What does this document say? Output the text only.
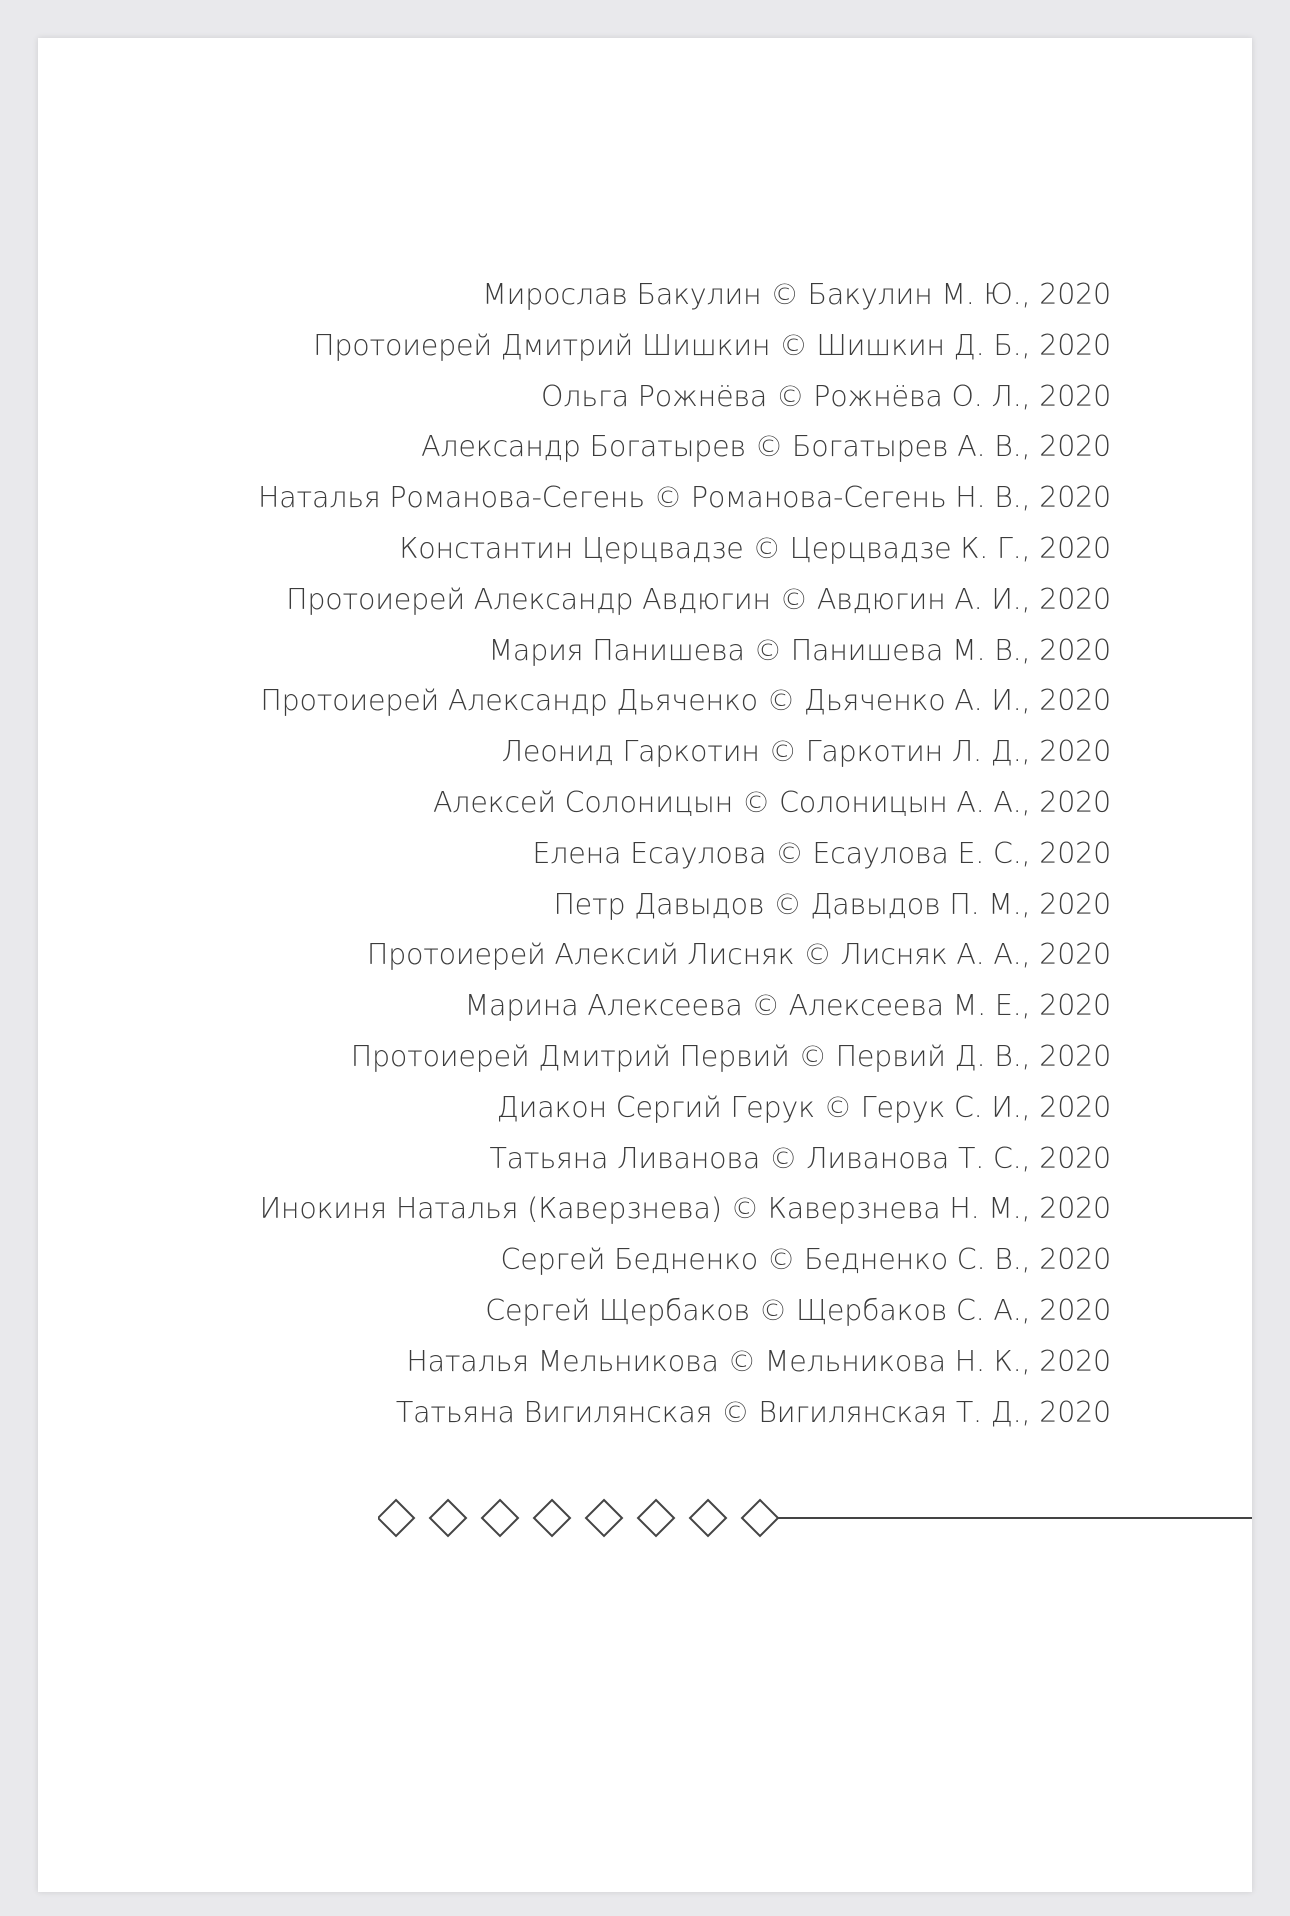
Мирослав Бакулин © Бакулин М. Ю., 2020
Протоиерей Дмитрий Шишкин © Шишкин Д. Б., 2020
Ольга Рожнёва © Рожнёва О. Л., 2020
Александр Богатырев © Богатырев А. В., 2020
Наталья Романова-Сегень © Романова-Сегень Н. В., 2020
Константин Церцвадзе © Церцвадзе К. Г., 2020
Протоиерей Александр Авдюгин © Авдюгин А. И., 2020
Мария Панишева © Панишева М. В., 2020
Протоиерей Александр Дьяченко © Дьяченко А. И., 2020
Леонид Гаркотин © Гаркотин Л. Д., 2020
Алексей Солоницын © Солоницын А. А., 2020
Елена Есаулова © Есаулова Е. С., 2020
Петр Давыдов © Давыдов П. М., 2020
Протоиерей Алексий Лисняк © Лисняк А. А., 2020
Марина Алексеева © Алексеева М. Е., 2020
Протоиерей Дмитрий Первий © Первий Д. В., 2020
Диакон Сергий Герук © Герук С. И., 2020
Татьяна Ливанова © Ливанова Т. С., 2020
Инокиня Наталья (Каверзнева) © Каверзнева Н. М., 2020
Сергей Бедненко © Бедненко С. В., 2020
Сергей Щербаков © Щербаков С. А., 2020
Наталья Мельникова © Мельникова Н. К., 2020
Татьяна Вигилянская © Вигилянская Т. Д., 2020
